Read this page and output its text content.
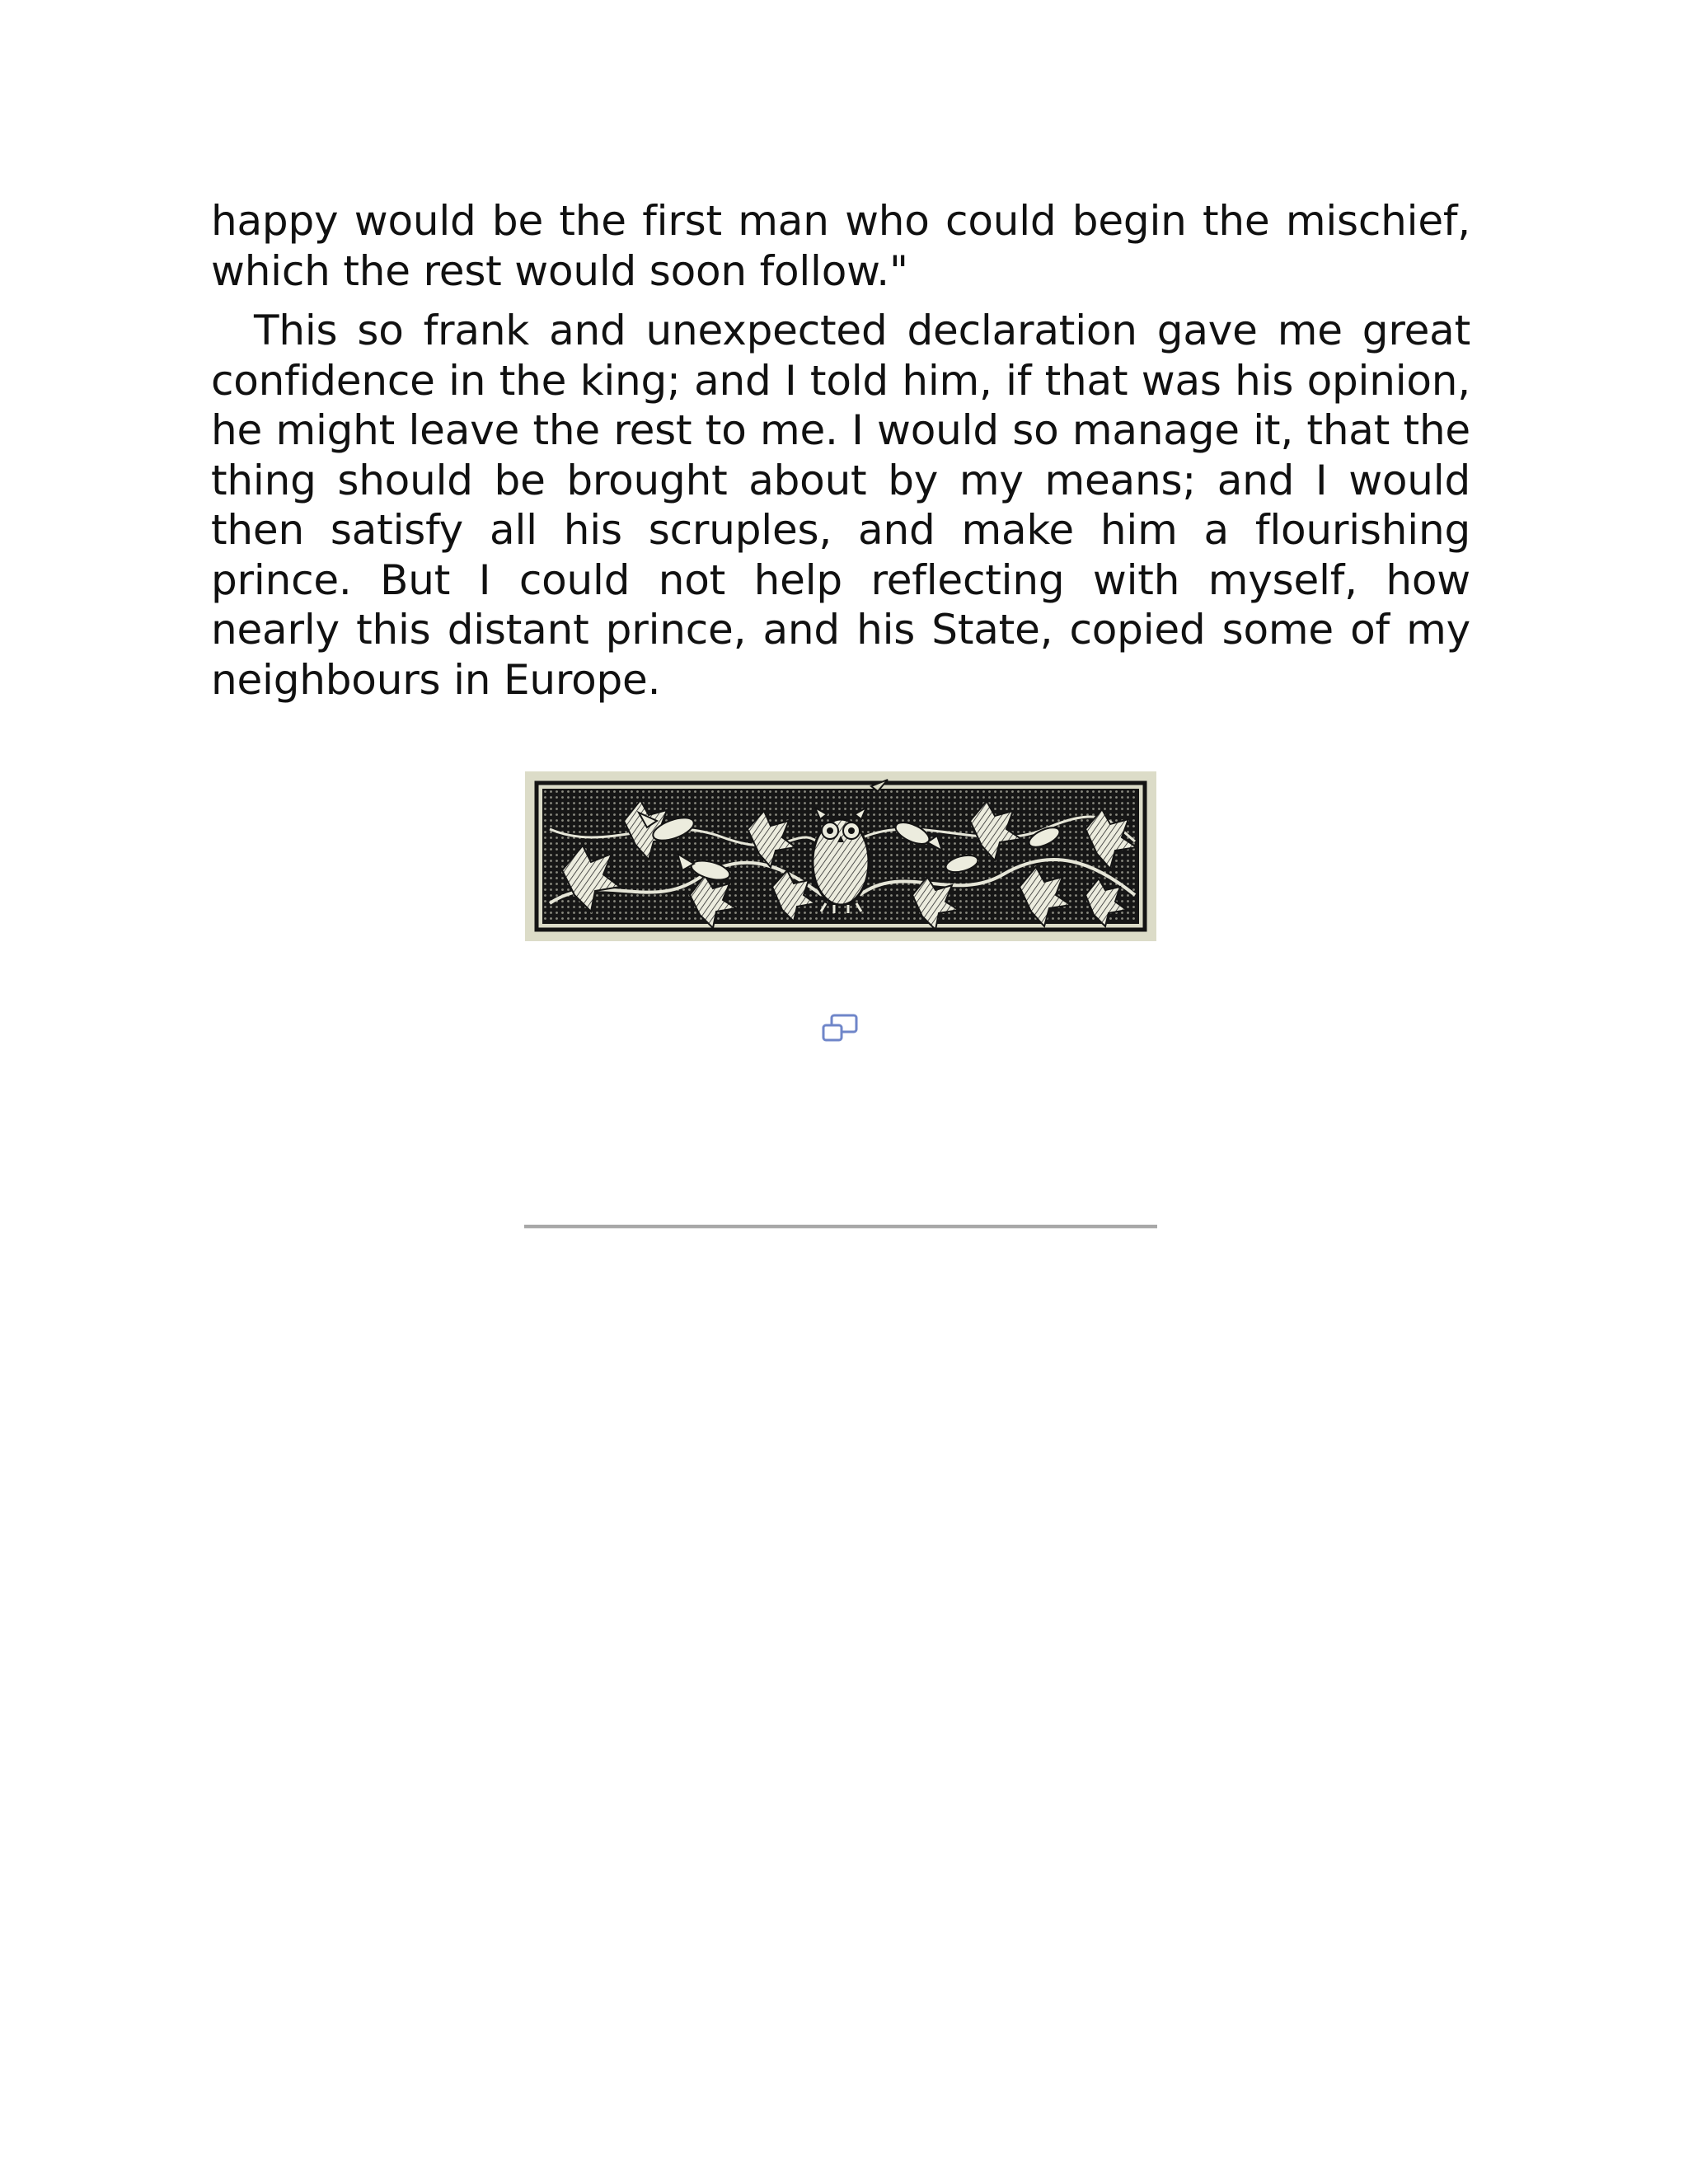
happy would be the first man who could begin the mischief, which the rest would soon follow."

This so frank and unexpected declaration gave me great confidence in the king; and I told him, if that was his opinion, he might leave the rest to me. I would so manage it, that the thing should be brought about by my means; and I would then satisfy all his scruples, and make him a flourishing prince. But I could not help reflecting with myself, how nearly this distant prince, and his State, copied some of my neighbours in Europe.
